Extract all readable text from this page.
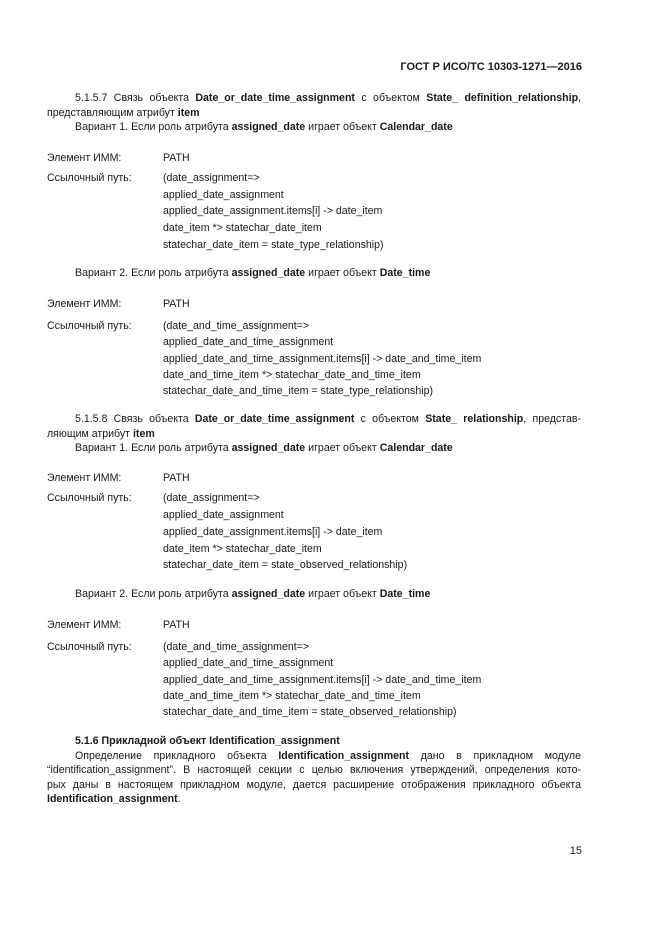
ГОСТ Р ИСО/ТС 10303-1271—2016
5.1.5.7 Связь объекта Date_or_date_time_assignment с объектом State_ definition_relationship,
представляющим атрибут item
Вариант 1. Если роль атрибута assigned_date играет объект Calendar_date
Элемент ИММ:	PATH
Ссылочный путь:	(date_assignment=>
applied_date_assignment
applied_date_assignment.items[i] -> date_item
date_item *> statechar_date_item
statechar_date_item = state_type_relationship)
Вариант 2. Если роль атрибута assigned_date играет объект Date_time
Элемент ИММ:	PATH
Ссылочный путь:	(date_and_time_assignment=>
applied_date_and_time_assignment
applied_date_and_time_assignment.items[i] -> date_and_time_item
date_and_time_item *> statechar_date_and_time_item
statechar_date_and_time_item = state_type_relationship)
5.1.5.8 Связь объекта Date_or_date_time_assignment с объектом State_ relationship, представ-
ляющим атрибут item
Вариант 1. Если роль атрибута assigned_date играет объект Calendar_date
Элемент ИММ:	PATH
Ссылочный путь:	(date_assignment=>
applied_date_assignment
applied_date_assignment.items[i] -> date_item
date_item *> statechar_date_item
statechar_date_item = state_observed_relationship)
Вариант 2. Если роль атрибута assigned_date играет объект Date_time
Элемент ИММ:	PATH
Ссылочный путь:	(date_and_time_assignment=>
applied_date_and_time_assignment
applied_date_and_time_assignment.items[i] -> date_and_time_item
date_and_time_item *> statechar_date_and_time_item
statechar_date_and_time_item = state_observed_relationship)
5.1.6 Прикладной объект Identification_assignment
Определение прикладного объекта Identification_assignment дано в прикладном модуле
“identification_assignment”. В настоящей секции с целью включения утверждений, определения кото-
рых даны в настоящем прикладном модуле, дается расширение отображения прикладного объекта
Identification_assignment.
15
